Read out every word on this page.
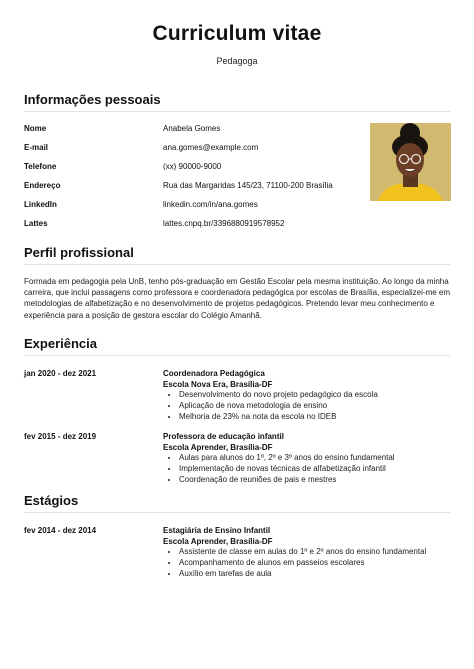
Curriculum vitae
Pedagoga
Informações pessoais
Nome	Anabela Gomes
E-mail	ana.gomes@example.com
Telefone	(xx) 90000-9000
Endereço	Rua das Margaridas 145/23, 71100-200 Brasília
LinkedIn	linkedin.com/in/ana.gomes
Lattes	lattes.cnpq.br/3396880919578952
Perfil profissional
Formada em pedagogia pela UnB, tenho pós-graduação em Gestão Escolar pela mesma instituição. Ao longo da minha carreira, que inclui passagens como professora e coordenadora pedagógica por escolas de Brasília, especializei-me em metodologias de alfabetização e no desenvolvimento de projetos pedagógicos. Pretendo levar meu conhecimento e experiência para a posição de gestora escolar do Colégio Amanhã.
Experiência
jan 2020 - dez 2021	Coordenadora Pedagógica
Escola Nova Era, Brasília-DF
• Desenvolvimento do novo projeto pedagógico da escola
• Aplicação de nova metodologia de ensino
• Melhoria de 23% na nota da escola no IDEB
fev 2015 - dez 2019	Professora de educação infantil
Escola Aprender, Brasília-DF
• Aulas para alunos do 1º, 2º e 3º anos do ensino fundamental
• Implementação de novas técnicas de alfabetização infantil
• Coordenação de reuniões de pais e mestres
Estágios
fev 2014 - dez 2014	Estagiária de Ensino Infantil
Escola Aprender, Brasília-DF
• Assistente de classe em aulas do 1º e 2º anos do ensino fundamental
• Acompanhamento de alunos em passeios escolares
• Auxílio em tarefas de aula
